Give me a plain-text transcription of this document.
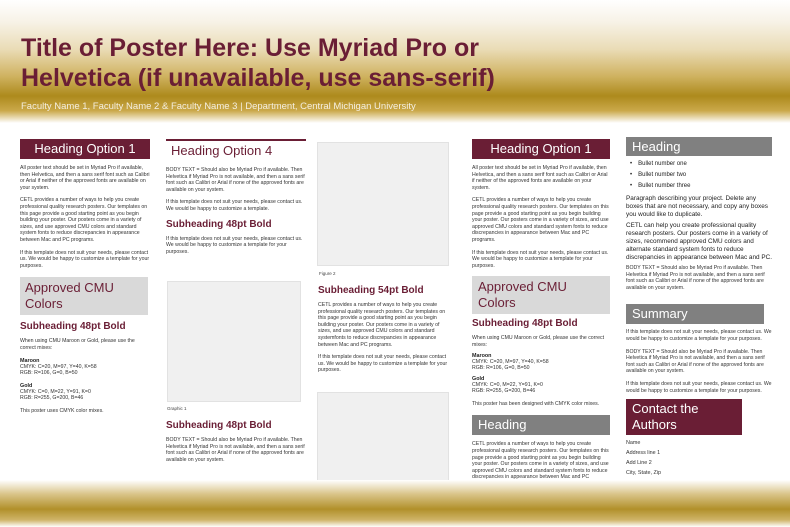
Title of Poster Here: Use Myriad Pro or Helvetica (if unavailable, use sans-serif)
Faculty Name 1, Faculty Name 2 & Faculty Name 3 | Department, Central Michigan University
Heading Option 1
All poster text should be set in Myriad Pro if available, then Helvetica, and then a sans serif font such as Calibri or Arial if neither of the approved fonts are available on your system.
CETL provides a number of ways to help you create professional quality research posters. Our templates on this page provide a good starting point as you begin building your poster. Our posters come in a variety of sizes, and use approved CMU colors and standard system fonts to reduce discrepancies in appearance between Mac and PC programs.
If this template does not suit your needs, please contact us. We would be happy to customize a template for your purposes.
Approved CMU Colors
Subheading 48pt Bold
When using CMU Maroon or Gold, please use the correct mixes:
Maroon
CMYK: C=20, M=97, Y=40, K=58
RGB: R=106, G=0, B=50
Gold
CMYK: C=0, M=22, Y=91, K=0
RGB: R=255, G=200, B=46
This poster uses CMYK color mixes.
Heading Option 4
BODY TEXT = Should also be Myriad Pro if available. Then Helvetica if Myriad Pro is not available, and then a sans serif font such as Calibri or Arial if none of the approved fonts are available on your system.
If this template does not suit your needs, please contact us. We would be happy to customize a template.
Subheading 48pt Bold
If this template does not suit your needs, please contact us. We would be happy to customize a template for your purposes.
Graphic 1
Subheading 48pt Bold
BODY TEXT = Should also be Myriad Pro if available. Then Helvetica if Myriad Pro is not available, and then a sans serif font such as Calibri or Arial if none of the approved fonts are available on your system.
Figure 2
Subheading 54pt Bold
CETL provides a number of ways to help you create professional quality research posters. Our templates on this page provide a good starting point as you begin building your poster. Our posters come in a variety of sizes, and use approved CMU colors and standard systemfonts to reduce discrepancies in appearance between Mac and PC programs.
If this template does not suit your needs, please contact us. We would be happy to customize a template for your purposes.
Heading Option 1
All poster text should be set in Myriad Pro if available, then Helvetica, and then a sans serif font such as Calibri or Arial if neither of the approved fonts are available on your system.
CETL provides a number of ways to help you create professional quality research posters. Our templates on this page provide a good starting point as you begin building your poster. Our posters come in a variety of sizes, and use approved CMU colors and standard system fonts to reduce discrepancies in appearance between Mac and PC programs.
If this template does not suit your needs, please contact us. We would be happy to customize a template for your purposes.
Approved CMU Colors
Subheading 48pt Bold
When using CMU Maroon or Gold, please use the correct mixes:
Maroon
CMYK: C=20, M=97, Y=40, K=58
RGB: R=106, G=0, B=50
Gold
CMYK: C=0, M=22, Y=91, K=0
RGB: R=255, G=200, B=46
This poster has been designed with CMYK color mixes.
Heading
CETL provides a number of ways to help you create professional quality research posters. Our templates on this page provide a good starting point as you begin building your poster. Our posters come in a variety of sizes, and use approved CMU colors and standard system fonts to reduce discrepancies in appearance between Mac and PC
Heading
• Bullet number one
• Bullet number two
• Bullet number three
Paragraph describing your project. Delete any boxes that are not necessary, and copy any boxes you would like to duplicate.
CETL can help you create professional quality research posters. Our posters come in a variety of sizes, recommend approved CMU colors and alternate standard system fonts to reduce discrepancies in appearance between Mac and PC.
BODY TEXT = Should also be Myriad Pro if available. Then Helvetica if Myriad Pro is not available, and then a sans serif font such as Calibri or Arial if none of the approved fonts are available on your system.
Summary
If this template does not suit your needs, please contact us. We would be happy to customize a template for your purposes.
BODY TEXT = Should also be Myriad Pro if available. Then Helvetica if Myriad Pro is not available, and then a sans serif font such as Calibri or Arial if none of the approved fonts are available on your system.
If this template does not suit your needs, please contact us. We would be happy to customize a template for your purposes.
Contact the Authors
Name
Address line 1
Add Line 2
City, State, Zip
